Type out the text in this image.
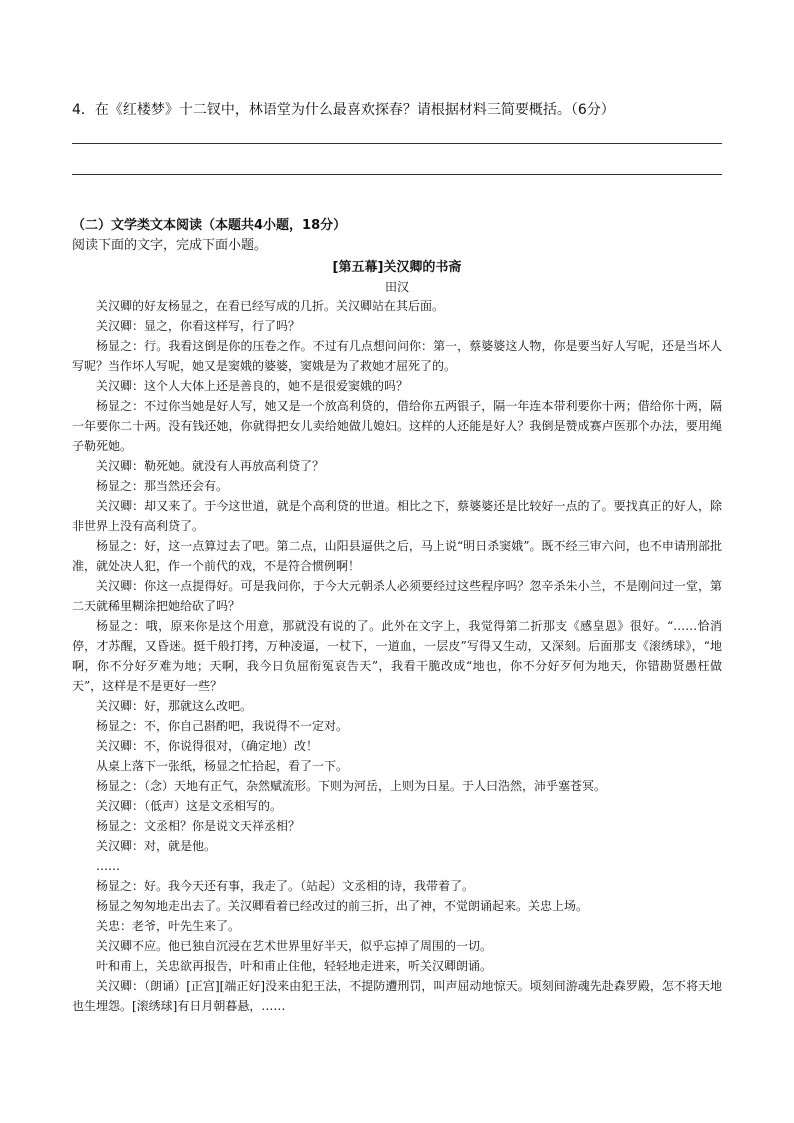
4．在《红楼梦》十二钗中，林语堂为什么最喜欢探春？请根据材料三简要概括。（6分）
（二）文学类文本阅读（本题共4小题，18分）
阅读下面的文字，完成下面小题。
[第五幕]关汉卿的书斋
田汉

关汉卿的好友杨显之，在看已经写成的几折。关汉卿站在其后面。

关汉卿：显之，你看这样写，行了吗？

杨显之：行。我看这倒是你的压卷之作。不过有几点想问问你：第一，蔡婆婆这人物，你是要当好人写呢，还是当坏人写呢？当作坏人写呢，她又是窦娥的婆婆，窦娥是为了救她才屈死了的。

关汉卿：这个人大体上还是善良的，她不是很爱窦娥的吗？

杨显之：不过你当她是好人写，她又是一个放高利贷的，借给你五两银子，隔一年连本带利要你十两；借给你十两，隔一年要你二十两。没有钱还她，你就得把女儿卖给她做儿媳妇。这样的人还能是好人？我倒是赞成赛卢医那个办法，要用绳子勒死她。

关汉卿：勒死她。就没有人再放高利贷了？

杨显之：那当然还会有。

关汉卿：却又来了。于今这世道，就是个高利贷的世道。相比之下，蔡婆婆还是比较好一点的了。要找真正的好人，除非世界上没有高利贷了。

杨显之：好，这一点算过去了吧。第二点，山阳县逼供之后，马上说“明日杀窦娥”。既不经三审六问，也不申请刑部批准，就处决人犯，作一个前代的戏，不是符合惯例啊！

关汉卿：你这一点提得好。可是我问你，于今大元朝杀人必须要经过这些程序吗？忽辛杀朱小兰，不是刚问过一堂，第二天就稀里糊涂把她给砍了吗？

杨显之：哦，原来你是这个用意，那就没有说的了。此外在文字上，我觉得第二折那支《感皇恩》很好。“……恰消停，才苏醒，又昏迷。挺千般打拷，万种凌逼，一杖下，一道血，一层皮”写得又生动，又深刻。后面那支《滚绣球》，“地啊，你不分好歹难为地；天啊，我今日负屈衔冤哀告天”，我看干脆改成“地也，你不分好歹何为地天，你错勘贤愚枉做天”，这样是不是更好一些？

关汉卿：好，那就这么改吧。

杨显之：不，你自己斟酌吧，我说得不一定对。

关汉卿：不，你说得很对，（确定地）改！

从桌上落下一张纸，杨显之忙拾起，看了一下。

杨显之：（念）天地有正气，杂然赋流形。下则为河岳，上则为日星。于人曰浩然，沛乎塞苍冥。

关汉卿：（低声）这是文丞相写的。

杨显之：文丞相？你是说文天祥丞相？

关汉卿：对，就是他。

……

杨显之：好。我今天还有事，我走了。（站起）文丞相的诗，我带着了。

杨显之匆匆地走出去了。关汉卿看着已经改过的前三折，出了神，不觉朗诵起来。关忠上场。

关忠：老爷，叶先生来了。

关汉卿不应。他已独自沉浸在艺术世界里好半天，似乎忘掉了周围的一切。

叶和甫上，关忠欲再报告，叶和甫止住他，轻轻地走进来，听关汉卿朗诵。

关汉卿：（朗诵）[正宫][端正好]没来由犯王法，不提防遭刑罚，叫声屈动地惊天。顷刻间游魂先赴森罗殿，怎不将天地也生埋怨。[滚绣球]有日月朝暮悬，……
